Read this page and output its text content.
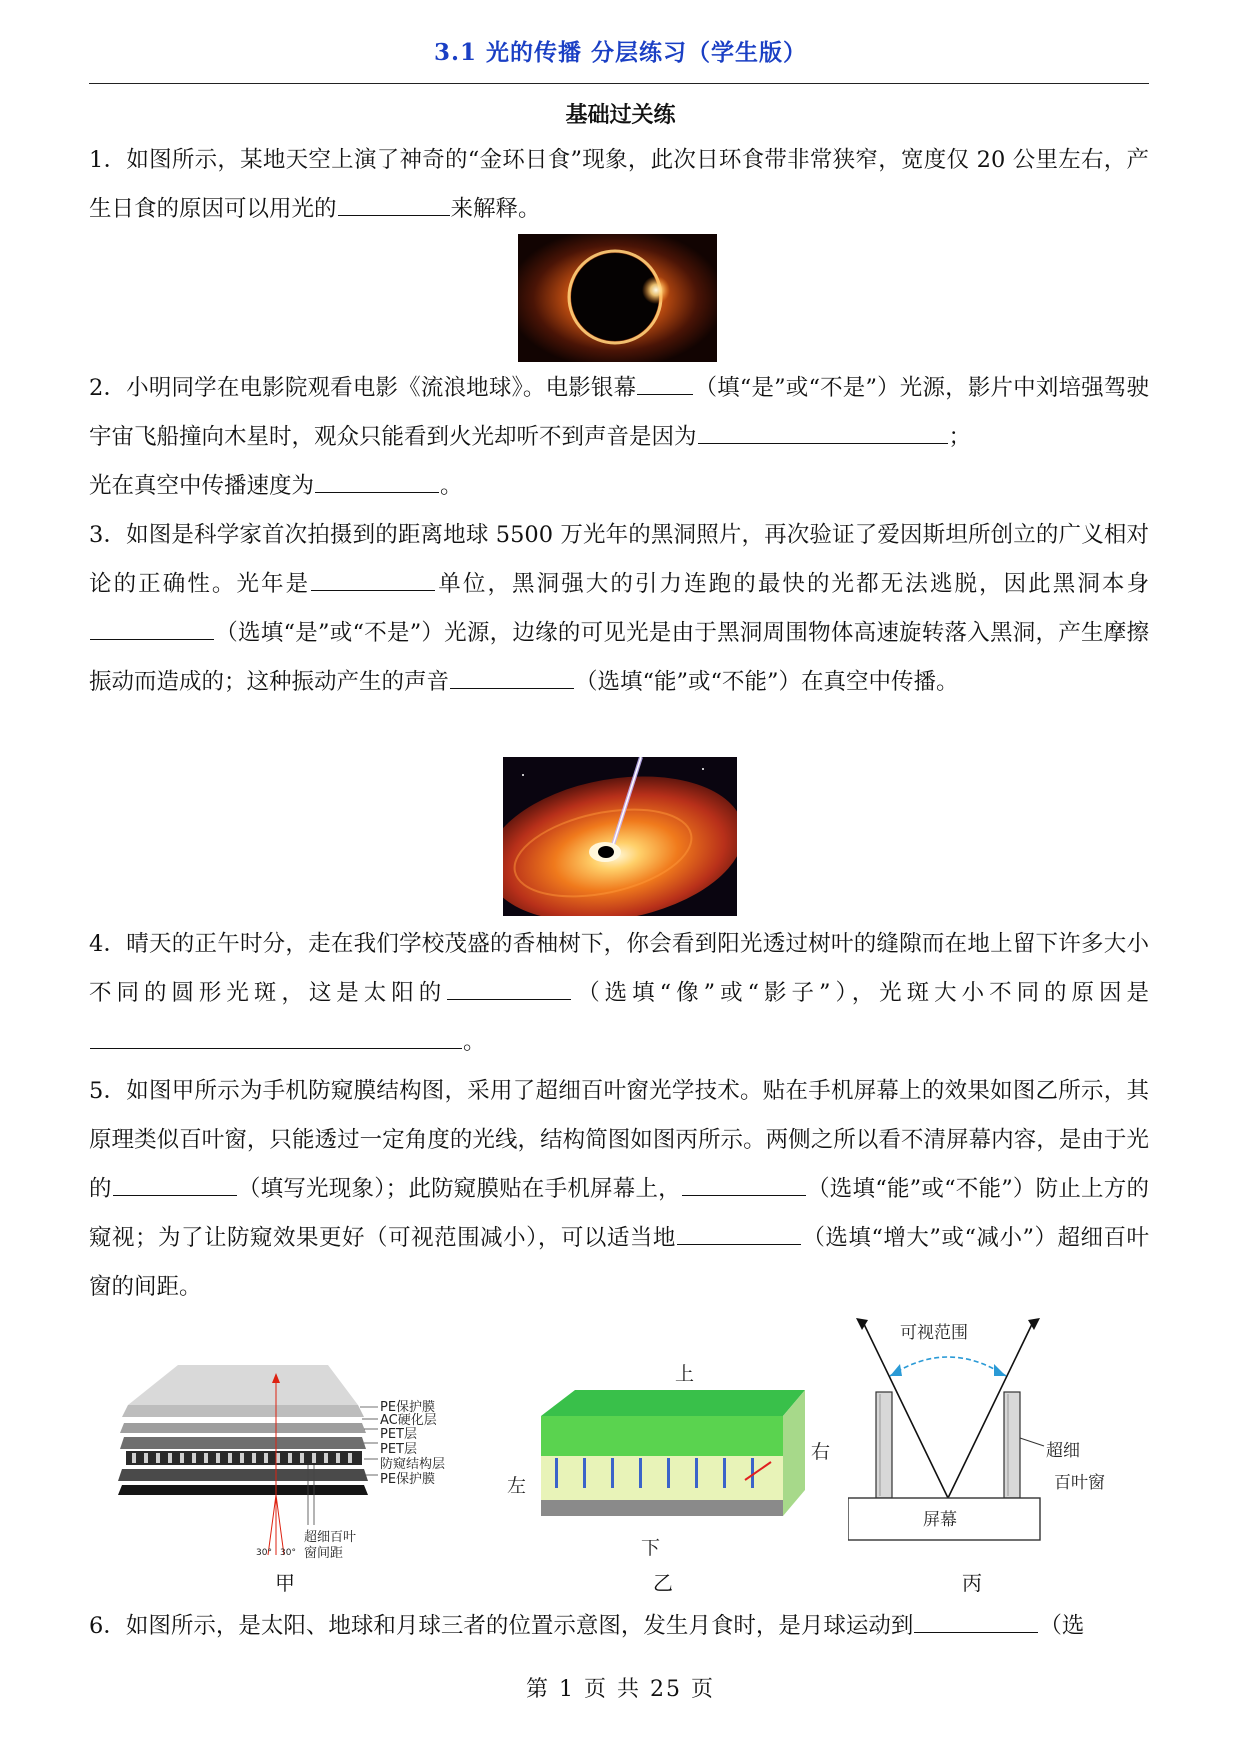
3.1 光的传播 分层练习（学生版）
基础过关练
1．如图所示，某地天空上演了神奇的“金环日食”现象，此次日环食带非常狭窄，宽度仅 20 公里左右，产生日食的原因可以用光的	来解释。
2．小明同学在电影院观看电影《流浪地球》。电影银幕	（填“是”或“不是”）光源，影片中刘培强驾驶宇宙飞船撞向木星时，观众只能看到火光却听不到声音是因为	；
光在真空中传播速度为	。
3．如图是科学家首次拍摄到的距离地球 5500 万光年的黑洞照片，再次验证了爱因斯坦所创立的广义相对论的正确性。光年是	单位，黑洞强大的引力连跑的最快的光都无法逃脱，因此黑洞本身（选填“是”或“不是”）光源，边缘的可见光是由于黑洞周围物体高速旋转落入黑洞，产生摩擦振动而造成的；这种振动产生的声音	（选填“能”或“不能”）在真空中传播。
4．晴天的正午时分，走在我们学校茂盛的香柚树下，你会看到阳光透过树叶的缝隙而在地上留下许多大小不同的圆形光斑，这是太阳的	（选填“像”或“影子”），光斑大小不同的原因是。
5．如图甲所示为手机防窥膜结构图，采用了超细百叶窗光学技术。贴在手机屏幕上的效果如图乙所示，其原理类似百叶窗，只能透过一定角度的光线，结构简图如图丙所示。两侧之所以看不清屏幕内容，是由于光的	（填写光现象）；此防窥膜贴在手机屏幕上，	（选填“能”或“不能”）防止上方的窥视；为了让防窥效果更好（可视范围减小），可以适当地	（选填“增大”或“减小”）超细百叶窗的间距。
PE保护膜
AC硬化层
PET层
PET层
防窥结构层
PE保护膜
超细百叶
窗间距
30° 30°
甲
上
左
右
下
乙
可视范围
屏幕
超细
百叶窗
丙
6．如图所示，是太阳、地球和月球三者的位置示意图，发生月食时，是月球运动到	（选
第 1 页 共 25 页
